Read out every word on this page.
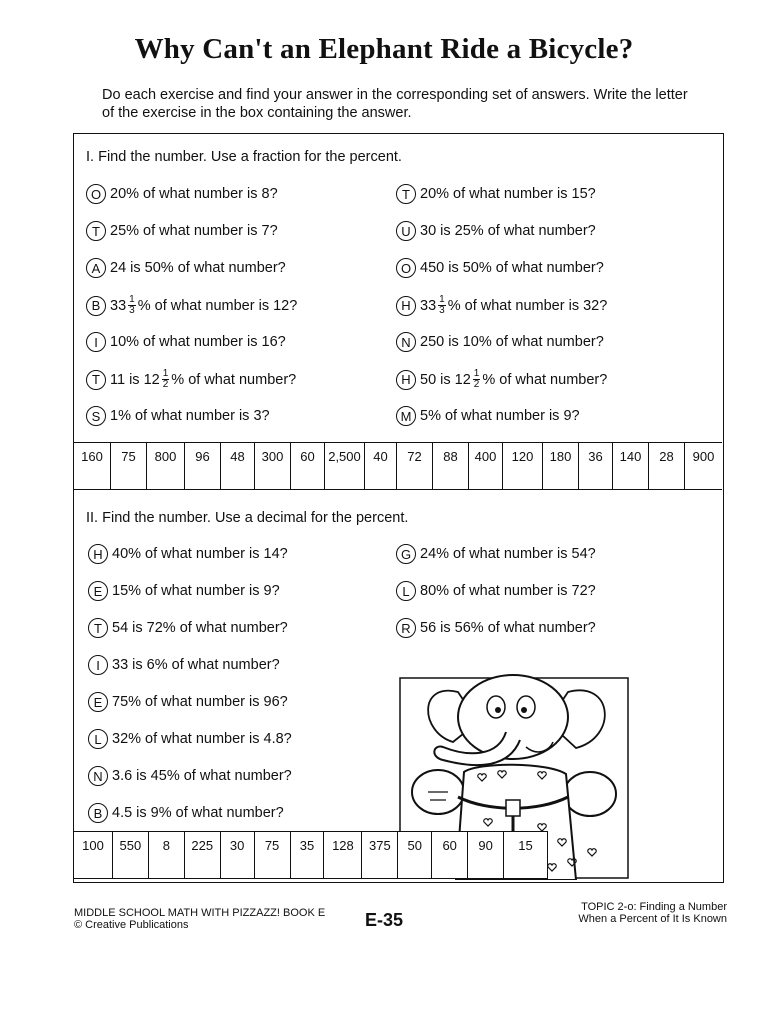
Why Can't an Elephant Ride a Bicycle?
Do each exercise and find your answer in the corresponding set of answers. Write the letter of the exercise in the box containing the answer.
I. Find the number. Use a fraction for the percent.
O 20% of what number is 8?
T 25% of what number is 7?
A 24 is 50% of what number?
B $33 \frac{1}{3}$ % of what number is 12?
I 10% of what number is 16?
T 11 is $12 \frac{1}{2}$ % of what number?
S 1% of what number is 3?
T 20% of what number is 15?
U 30 is 25% of what number?
O 450 is 50% of what number?
H $33 \frac{1}{3}$ % of what number is 32?
N 250 is 10% of what number?
H 50 is $12 \frac{1}{2}$ % of what number?
M 5% of what number is 9?
160	75	800	96	48	300	60	2,500 40	72	88	400	120	180	36	140	28	900
II. Find the number. Use a decimal for the percent.
H 40% of what number is 14?
E 15% of what number is 9?
T 54 is 72% of what number?
I 33 is 6% of what number?
E 75% of what number is 96?
L 32% of what number is 4.8?
N 3.6 is 45% of what number?
B 4.5 is 9% of what number?
G 24% of what number is 54?
L 80% of what number is 72?
R 56 is 56% of what number?
100	550	8	225	30	75	35	128	375	50	60	90	15
MIDDLE SCHOOL MATH WITH PIZZAZZ! BOOK E
© Creative Publications	E-35
TOPIC 2-o: Finding a Number
When a Percent of It Is Known
